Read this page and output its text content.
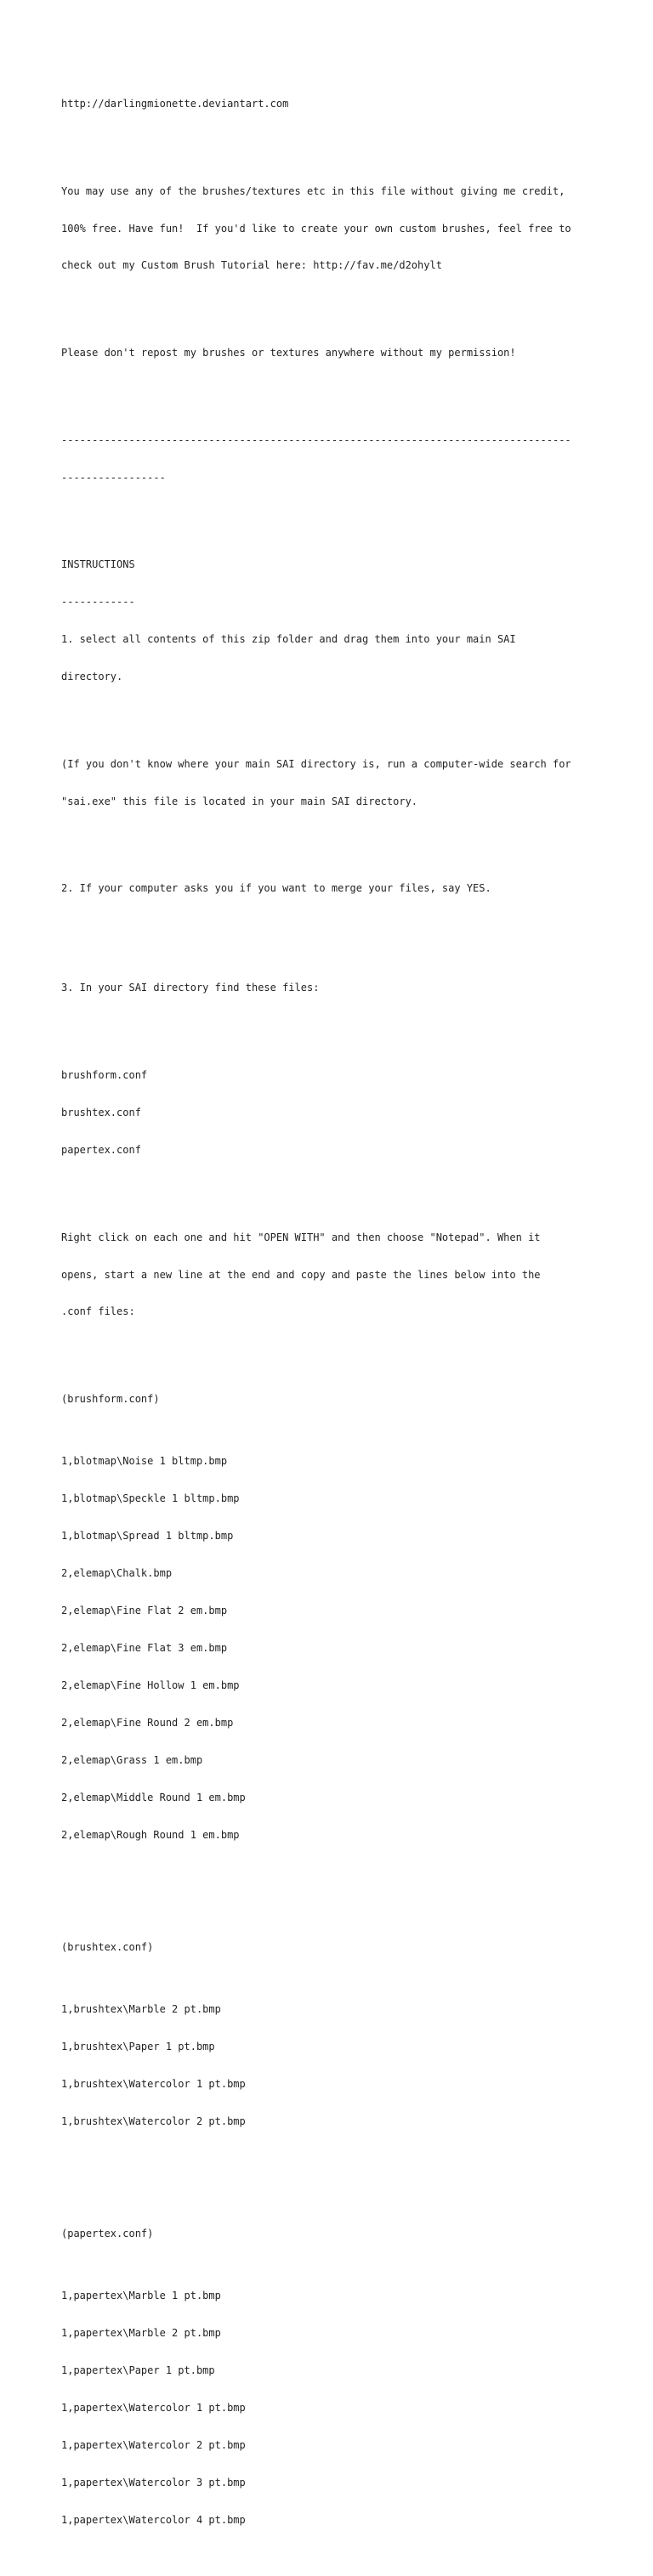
http://darlingmionette.deviantart.com

You may use any of the brushes/textures etc in this file without giving me credit,

100% free. Have fun!  If you'd like to create your own custom brushes, feel free to

check out my Custom Brush Tutorial here: http://fav.me/d2ohylt

Please don't repost my brushes or textures anywhere without my permission!

-----------------------------------------------------------------------------------

-----------------

INSTRUCTIONS

------------

1. select all contents of this zip folder and drag them into your main SAI

directory.

(If you don't know where your main SAI directory is, run a computer-wide search for

"sai.exe" this file is located in your main SAI directory.

2. If your computer asks you if you want to merge your files, say YES.

3. In your SAI directory find these files:

brushform.conf

brushtex.conf

papertex.conf

Right click on each one and hit "OPEN WITH" and then choose "Notepad". When it

opens, start a new line at the end and copy and paste the lines below into the

.conf files:

(brushform.conf)

1,blotmap\Noise 1 bltmp.bmp

1,blotmap\Speckle 1 bltmp.bmp

1,blotmap\Spread 1 bltmp.bmp

2,elemap\Chalk.bmp

2,elemap\Fine Flat 2 em.bmp

2,elemap\Fine Flat 3 em.bmp

2,elemap\Fine Hollow 1 em.bmp

2,elemap\Fine Round 2 em.bmp

2,elemap\Grass 1 em.bmp

2,elemap\Middle Round 1 em.bmp

2,elemap\Rough Round 1 em.bmp

(brushtex.conf)

1,brushtex\Marble 2 pt.bmp

1,brushtex\Paper 1 pt.bmp

1,brushtex\Watercolor 1 pt.bmp

1,brushtex\Watercolor 2 pt.bmp

(papertex.conf)

1,papertex\Marble 1 pt.bmp

1,papertex\Marble 2 pt.bmp

1,papertex\Paper 1 pt.bmp

1,papertex\Watercolor 1 pt.bmp

1,papertex\Watercolor 2 pt.bmp

1,papertex\Watercolor 3 pt.bmp

1,papertex\Watercolor 4 pt.bmp
